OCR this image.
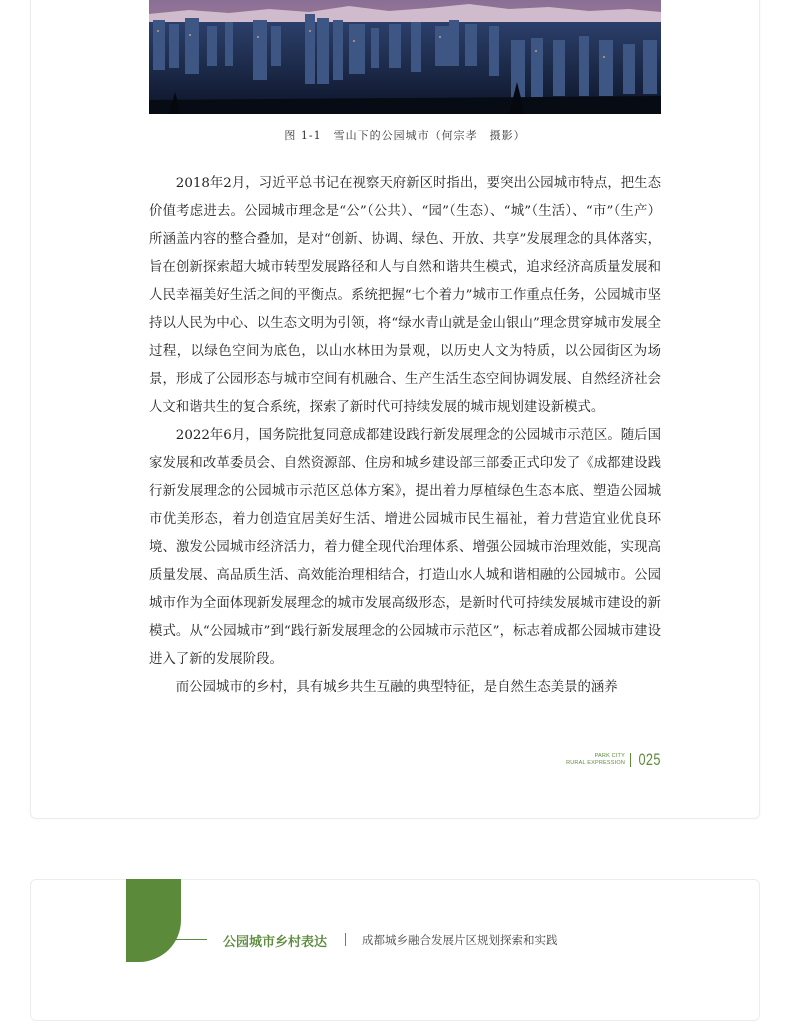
图 1-1　雪山下的公园城市（何宗孝　摄影）

2018年2月，习近平总书记在视察天府新区时指出，要突出公园城市特点，把生态价值考虑进去。公园城市理念是“公”（公共）、“园”（生态）、“城”（生活）、“市”（生产）所涵盖内容的整合叠加，是对“创新、协调、绿色、开放、共享”发展理念的具体落实，旨在创新探索超大城市转型发展路径和人与自然和谐共生模式，追求经济高质量发展和人民幸福美好生活之间的平衡点。系统把握“七个着力”城市工作重点任务，公园城市坚持以人民为中心、以生态文明为引领，将“绿水青山就是金山银山”理念贯穿城市发展全过程，以绿色空间为底色，以山水林田为景观，以历史人文为特质，以公园街区为场景，形成了公园形态与城市空间有机融合、生产生活生态空间协调发展、自然经济社会人文和谐共生的复合系统，探索了新时代可持续发展的城市规划建设新模式。

2022年6月，国务院批复同意成都建设践行新发展理念的公园城市示范区。随后国家发展和改革委员会、自然资源部、住房和城乡建设部三部委正式印发了《成都建设践行新发展理念的公园城市示范区总体方案》，提出着力厚植绿色生态本底、塑造公园城市优美形态，着力创造宜居美好生活、增进公园城市民生福祉，着力营造宜业优良环境、激发公园城市经济活力，着力健全现代治理体系、增强公园城市治理效能，实现高质量发展、高品质生活、高效能治理相结合，打造山水人城和谐相融的公园城市。公园城市作为全面体现新发展理念的城市发展高级形态，是新时代可持续发展城市建设的新模式。从“公园城市”到“践行新发展理念的公园城市示范区”，标志着成都公园城市建设进入了新的发展阶段。

而公园城市的乡村，具有城乡共生互融的典型特征，是自然生态美景的涵养

PARK CITY
RURAL EXPRESSION 025
公园城市乡村表达	成都城乡融合发展片区规划探索和实践
